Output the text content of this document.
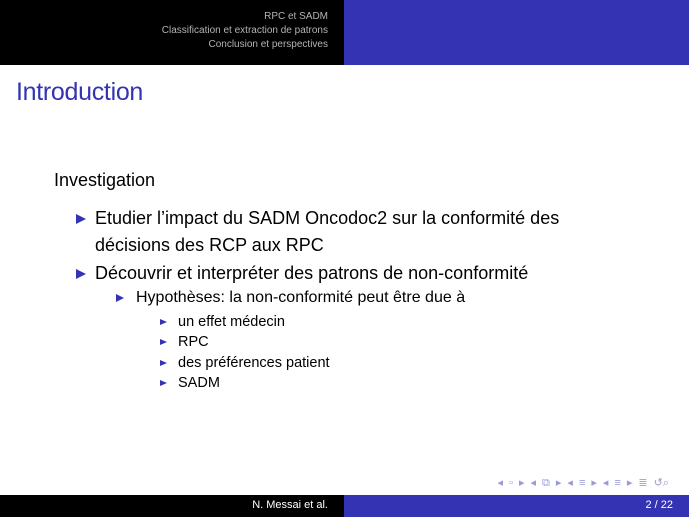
RPC et SADM
Classification et extraction de patrons
Conclusion et perspectives
Introduction
Investigation
Etudier l’impact du SADM Oncodoc2 sur la conformité des
décisions des RCP aux RPC
Découvrir et interpréter des patrons de non-conformité
Hypothèses: la non-conformité peut être due à
un effet médecin
RPC
des préférences patient
SADM
◂ ▫ ▸ ◂ ⧉ ▸ ◂ ≡ ▸ ◂ ≡ ▸ ≣ ↺⌕
N. Messai et al.	2 / 22
